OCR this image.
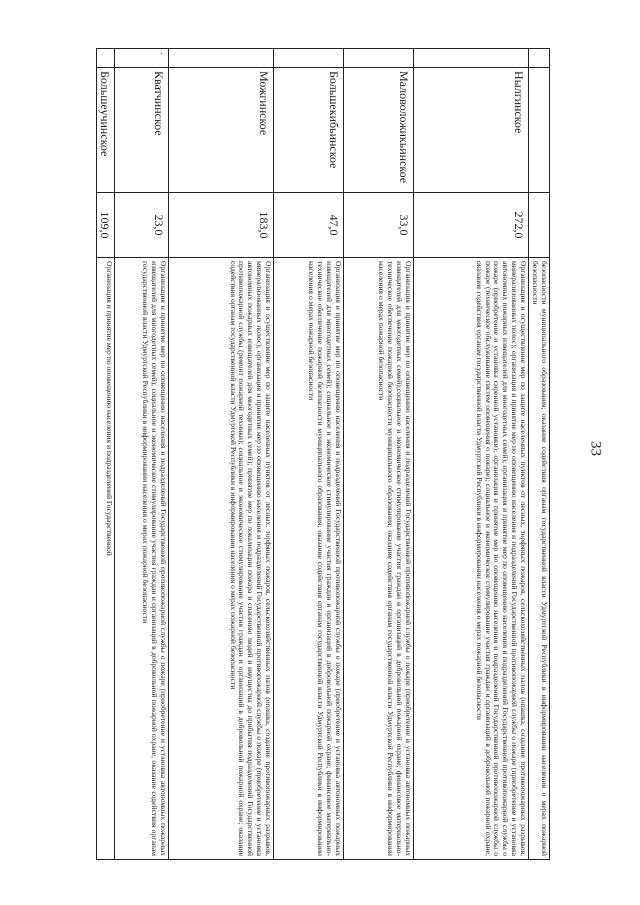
33
			безопасности муниципального образования; оказание содействия органам государственной власти Удмуртской Республики в информировании населения о мерах пожарной безопасности
	Нылгинское	272,0	Организация и осуществление мер по защите населенных пунктов от лесных, торфяных пожаров, сельскохозяйственных палов (опашка, создание противопожарных разрывов, минерализованных полос); организация и принятие мер по оповещению населения и подразделений Государственной противопожарной службы о пожаре (приобретение и установка автономных пожарных извещателей для многодетных семей); организация и принятие мер по оповещению населения и подразделений Государственной противопожарной службы о пожаре (приобретение и установка сиренной установки); организация и принятие мер по оповещению населения и подразделений Государственной противопожарной службы о пожаре (техническое обслуживание систем оповещения о пожаре); социальное и экономическое стимулирование участия граждан и организаций в добровольной пожарной охране; оказание содействия органам государственной власти Удмуртской Республики в информировании населения о мерах пожарной безопасности
	Маловоложикьинское	33,0	Организация и принятие мер по оповещению населения и подразделений Государственной противопожарной службы о пожаре (приобретение и установка автономных пожарных извещателей для многодетных семей);социальное и экономическое стимулирование участия граждан и организаций в добровольной пожарной охране; финансовое материально-техническое обеспечение пожарной безопасности муниципального образования; оказание содействия органам государственной власти Удмуртской Республики в информировании населения о мерах пожарной безопасности
	Большекибьинское	47,0	Организация и принятие мер по оповещению населения и подразделений Государственной противопожарной службы о пожаре (приобретение и установка автономных пожарных извещателей для многодетных семей); социальное и экономическое стимулирование участия граждан и организаций в добровольной пожарной охране; финансовое материально-техническое обеспечение пожарной безопасности муниципального образования; оказание содействия органам государственной власти Удмуртской Республики в информировании населения о мерах пожарной безопасности
	Можгинское	183,0	Организация и осуществление мер по защите населенных пунктов от лесных, торфяных пожаров, сельскохозяйственных палов (опашка, создание противопожарных разрывов, минерализованных полос); организация и принятие мер по оповещению населения и подразделений Государственной противопожарной службы о пожаре (приобретение и установка автономных пожарных извещателей для многодетных семей); принятие мер по локализации пожара и спасению людей и имущества до прибытия подразделений Государственной противопожарной службы (ремонт пожарной техники); социальное и экономическое стимулирование участия граждан и организаций в добровольной пожарной охране; оказание содействия органам государственной власти Удмуртской Республики в информировании населения о мерах пожарной безопасности
.	Кватчинское	23,0	Организация и принятие мер по оповещению населения и подразделений Государственной противопожарной службы о пожаре (приобретение и установка автономных пожарных извещателей для многодетных семей); социальное и экономическое стимулирование участия граждан и организаций в добровольной пожарной охране; оказание содействия органам государственной власти Удмуртской Республики в информировании населения о мерах пожарной безопасности
	Большеучинское	109,0	Организация и принятие мер по оповещению населения и подразделений Государственной
